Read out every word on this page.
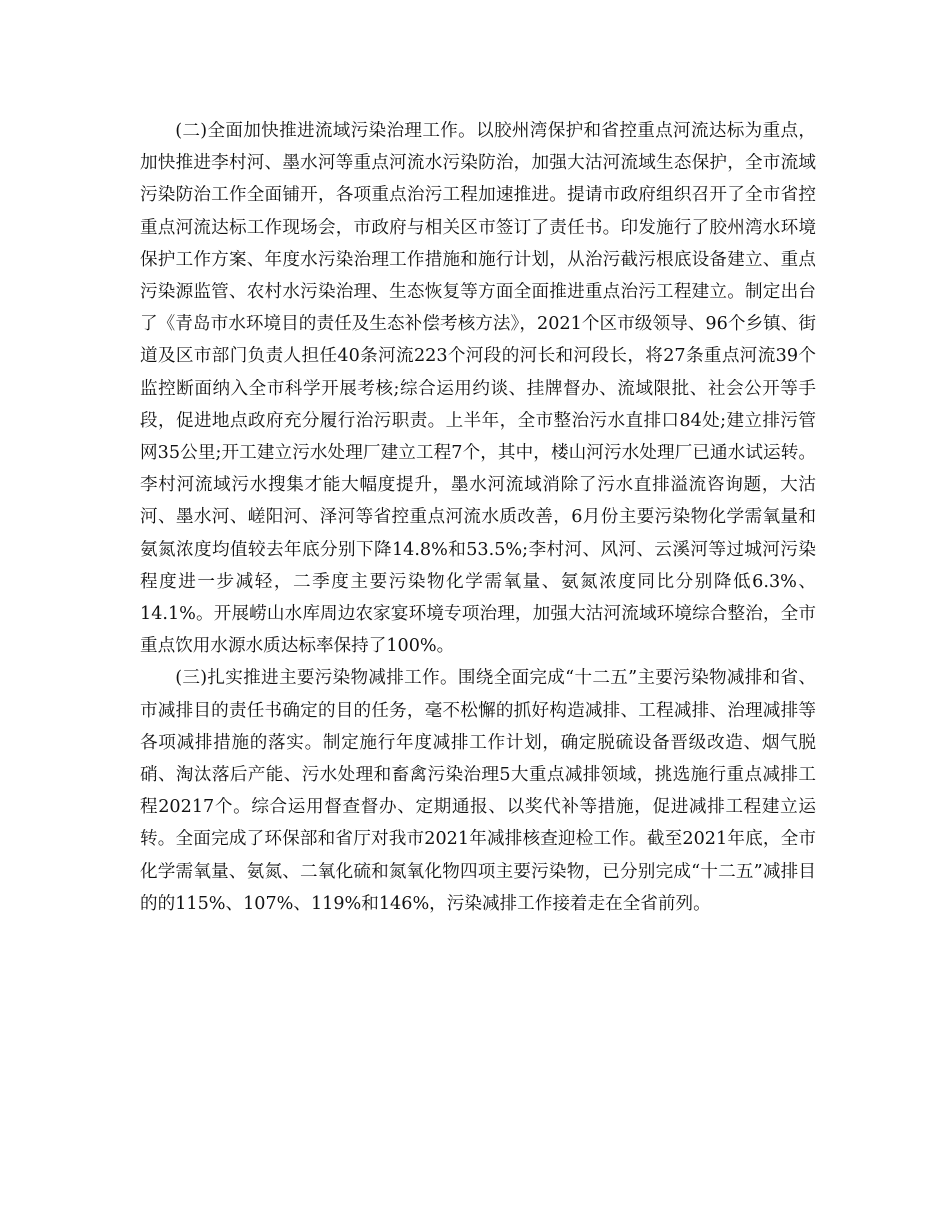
(二)全面加快推进流域污染治理工作。以胶州湾保护和省控重点河流达标为重点，加快推进李村河、墨水河等重点河流水污染防治，加强大沽河流域生态保护，全市流域污染防治工作全面铺开，各项重点治污工程加速推进。提请市政府组织召开了全市省控重点河流达标工作现场会，市政府与相关区市签订了责任书。印发施行了胶州湾水环境保护工作方案、年度水污染治理工作措施和施行计划，从治污截污根底设备建立、重点污染源监管、农村水污染治理、生态恢复等方面全面推进重点治污工程建立。制定出台了《青岛市水环境目的责任及生态补偿考核方法》，2021个区市级领导、96个乡镇、街道及区市部门负责人担任40条河流223个河段的河长和河段长，将27条重点河流39个监控断面纳入全市科学开展考核;综合运用约谈、挂牌督办、流域限批、社会公开等手段，促进地点政府充分履行治污职责。上半年，全市整治污水直排口84处;建立排污管网35公里;开工建立污水处理厂建立工程7个，其中，楼山河污水处理厂已通水试运转。李村河流域污水搜集才能大幅度提升，墨水河流域消除了污水直排溢流咨询题，大沽河、墨水河、嵯阳河、泽河等省控重点河流水质改善，6月份主要污染物化学需氧量和氨氮浓度均值较去年底分别下降14.8%和53.5%;李村河、风河、云溪河等过城河污染程度进一步减轻，二季度主要污染物化学需氧量、氨氮浓度同比分别降低6.3%、14.1%。开展崂山水库周边农家宴环境专项治理，加强大沽河流域环境综合整治，全市重点饮用水源水质达标率保持了100%。

(三)扎实推进主要污染物减排工作。围绕全面完成“十二五”主要污染物减排和省、市减排目的责任书确定的目的任务，毫不松懈的抓好构造减排、工程减排、治理减排等各项减排措施的落实。制定施行年度减排工作计划，确定脱硫设备晋级改造、烟气脱硝、淘汰落后产能、污水处理和畜禽污染治理5大重点减排领域，挑选施行重点减排工程20217个。综合运用督查督办、定期通报、以奖代补等措施，促进减排工程建立运转。全面完成了环保部和省厅对我市2021年减排核查迎检工作。截至2021年底，全市化学需氧量、氨氮、二氧化硫和氮氧化物四项主要污染物，已分别完成“十二五”减排目的的115%、107%、119%和146%，污染减排工作接着走在全省前列。
